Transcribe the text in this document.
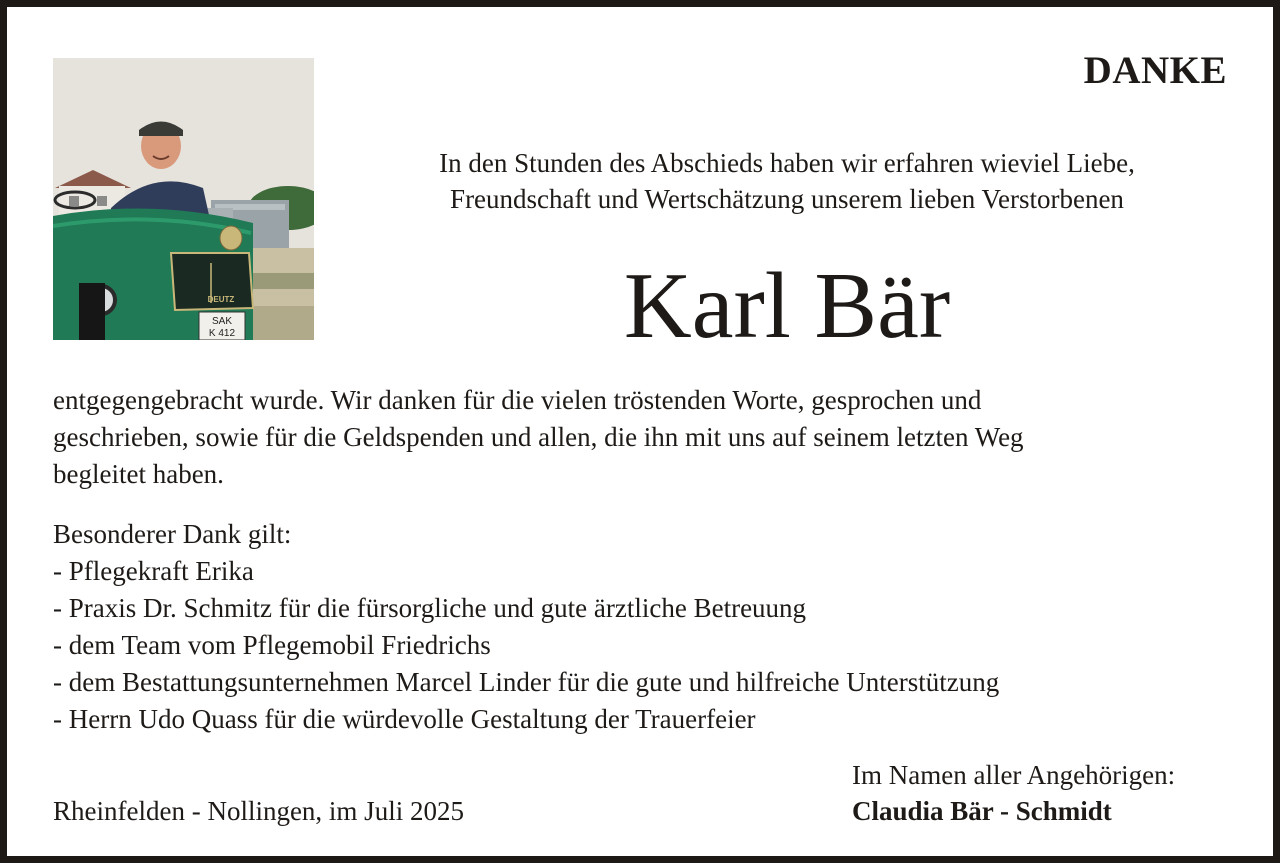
DEUTZ
SAK
K 412
DANKE
In den Stunden des Abschieds haben wir erfahren wieviel Liebe,
Freundschaft und Wertschätzung unserem lieben Verstorbenen
Karl Bär
entgegengebracht wurde. Wir danken für die vielen tröstenden Worte, gesprochen und
geschrieben, sowie für die Geldspenden und allen, die ihn mit uns auf seinem letzten Weg
begleitet haben.
Besonderer Dank gilt:
- Pflegekraft Erika
- Praxis Dr. Schmitz für die fürsorgliche und gute ärztliche Betreuung
- dem Team vom Pflegemobil Friedrichs
- dem Bestattungsunternehmen Marcel Linder für die gute und hilfreiche Unterstützung
- Herrn Udo Quass für die würdevolle Gestaltung der Trauerfeier
Rheinfelden - Nollingen, im Juli 2025
Im Namen aller Angehörigen:
Claudia Bär - Schmidt
